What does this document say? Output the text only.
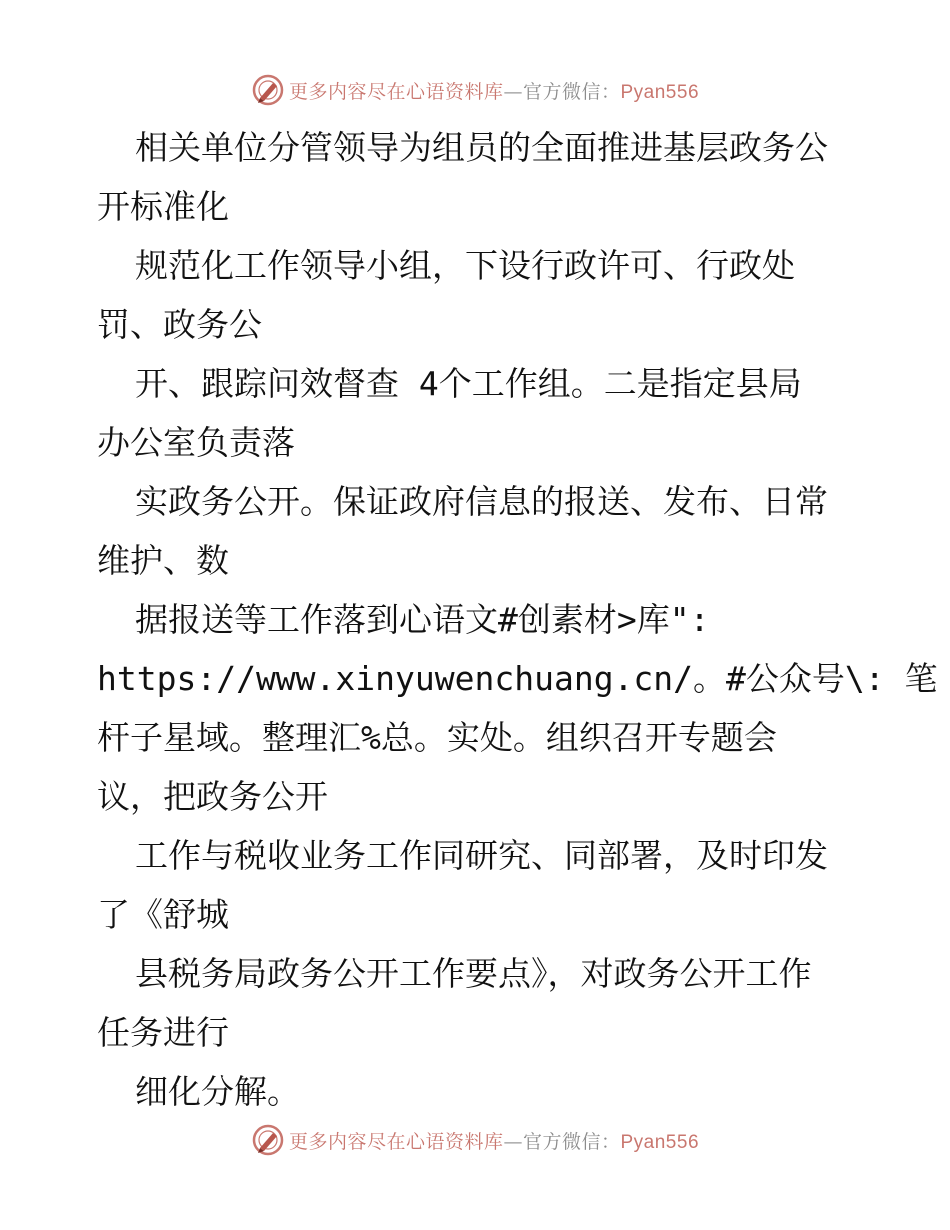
更多内容尽在心语资料库—官方微信：Pyan556
相关单位分管领导为组员的全面推进基层政务公
开标准化
规范化工作领导小组，下设行政许可、行政处
罚、政务公
开、跟踪问效督查 4个工作组。二是指定县局
办公室负责落
实政务公开。保证政府信息的报送、发布、日常
维护、数
据报送等工作落到心语文#创素材>库":
https://www.xinyuwenchuang.cn/。#公众号\: 笔
杆子星域。整理汇%总。实处。组织召开专题会
议，把政务公开
工作与税收业务工作同研究、同部署，及时印发
了《舒城
县税务局政务公开工作要点》，对政务公开工作
任务进行
细化分解。
更多内容尽在心语资料库—官方微信：Pyan556
